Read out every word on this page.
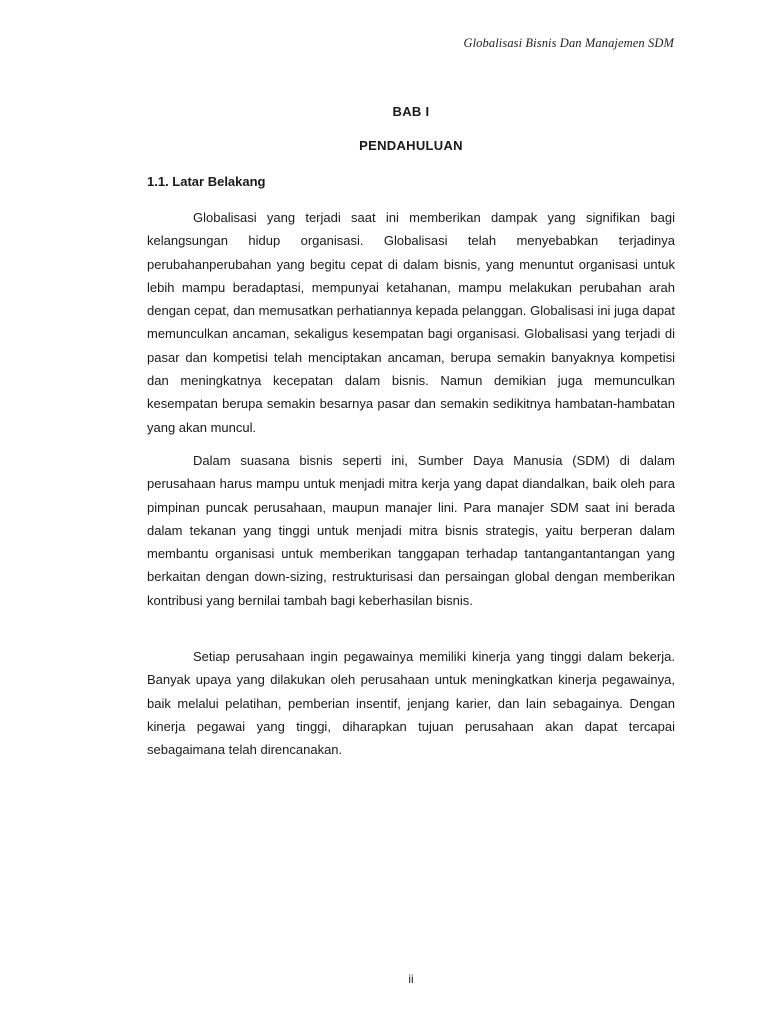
Globalisasi Bisnis Dan Manajemen SDM
BAB I
PENDAHULUAN
1.1. Latar Belakang

Globalisasi yang terjadi saat ini memberikan dampak yang signifikan bagi kelangsungan hidup organisasi. Globalisasi telah menyebabkan terjadinya perubahanperubahan yang begitu cepat di dalam bisnis, yang menuntut organisasi untuk lebih mampu beradaptasi, mempunyai ketahanan, mampu melakukan perubahan arah dengan cepat, dan memusatkan perhatiannya kepada pelanggan. Globalisasi ini juga dapat memunculkan ancaman, sekaligus kesempatan bagi organisasi. Globalisasi yang terjadi di pasar dan kompetisi telah menciptakan ancaman, berupa semakin banyaknya kompetisi dan meningkatnya kecepatan dalam bisnis. Namun demikian juga memunculkan kesempatan berupa semakin besarnya pasar dan semakin sedikitnya hambatan-hambatan yang akan muncul.

Dalam suasana bisnis seperti ini, Sumber Daya Manusia (SDM) di dalam perusahaan harus mampu untuk menjadi mitra kerja yang dapat diandalkan, baik oleh para pimpinan puncak perusahaan, maupun manajer lini. Para manajer SDM saat ini berada dalam tekanan yang tinggi untuk menjadi mitra bisnis strategis, yaitu berperan dalam membantu organisasi untuk memberikan tanggapan terhadap tantangantantangan yang berkaitan dengan down-sizing, restrukturisasi dan persaingan global dengan memberikan kontribusi yang bernilai tambah bagi keberhasilan bisnis.

Setiap perusahaan ingin pegawainya memiliki kinerja yang tinggi dalam bekerja. Banyak upaya yang dilakukan oleh perusahaan untuk meningkatkan kinerja pegawainya, baik melalui pelatihan, pemberian insentif, jenjang karier, dan lain sebagainya. Dengan kinerja pegawai yang tinggi, diharapkan tujuan perusahaan akan dapat tercapai sebagaimana telah direncanakan.

ii
